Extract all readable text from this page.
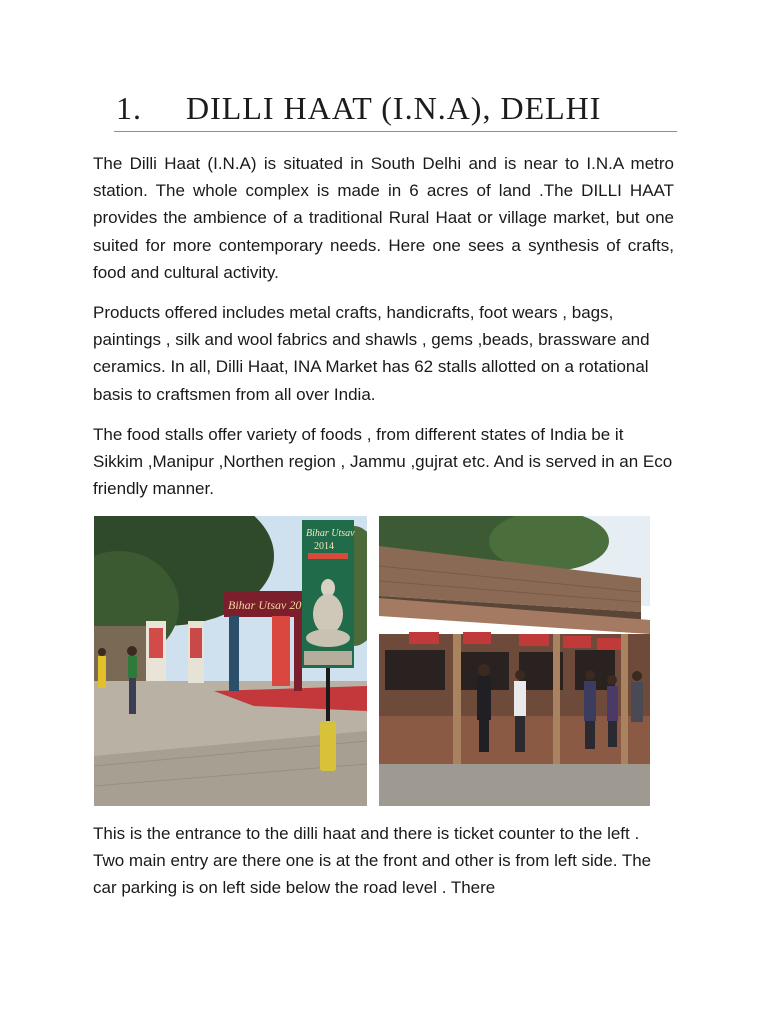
1. DILLI HAAT (I.N.A), DELHI

The Dilli Haat (I.N.A) is situated in South Delhi and is near to I.N.A metro station. The whole complex is made in 6 acres of land .The DILLI HAAT provides the ambience of a traditional Rural Haat or village market, but one suited for more contemporary needs. Here one sees a synthesis of crafts, food and cultural activity.

Products offered includes metal crafts, handicrafts, foot wears , bags, paintings , silk and wool fabrics and shawls , gems ,beads, brassware and ceramics. In all, Dilli Haat, INA Market has 62 stalls allotted on a rotational basis to craftsmen from all over India.

The food stalls offer variety of foods , from different states of India be it Sikkim ,Manipur ,Northen region , Jammu ,gujrat etc. And is served in an Eco friendly manner.

Bihar Utsav 20
Bihar Utsav
2014

This is the entrance to the dilli haat and there is ticket counter to the left . Two main entry are there one is at the front and other is from left side. The car parking is on left side below the road level . There
